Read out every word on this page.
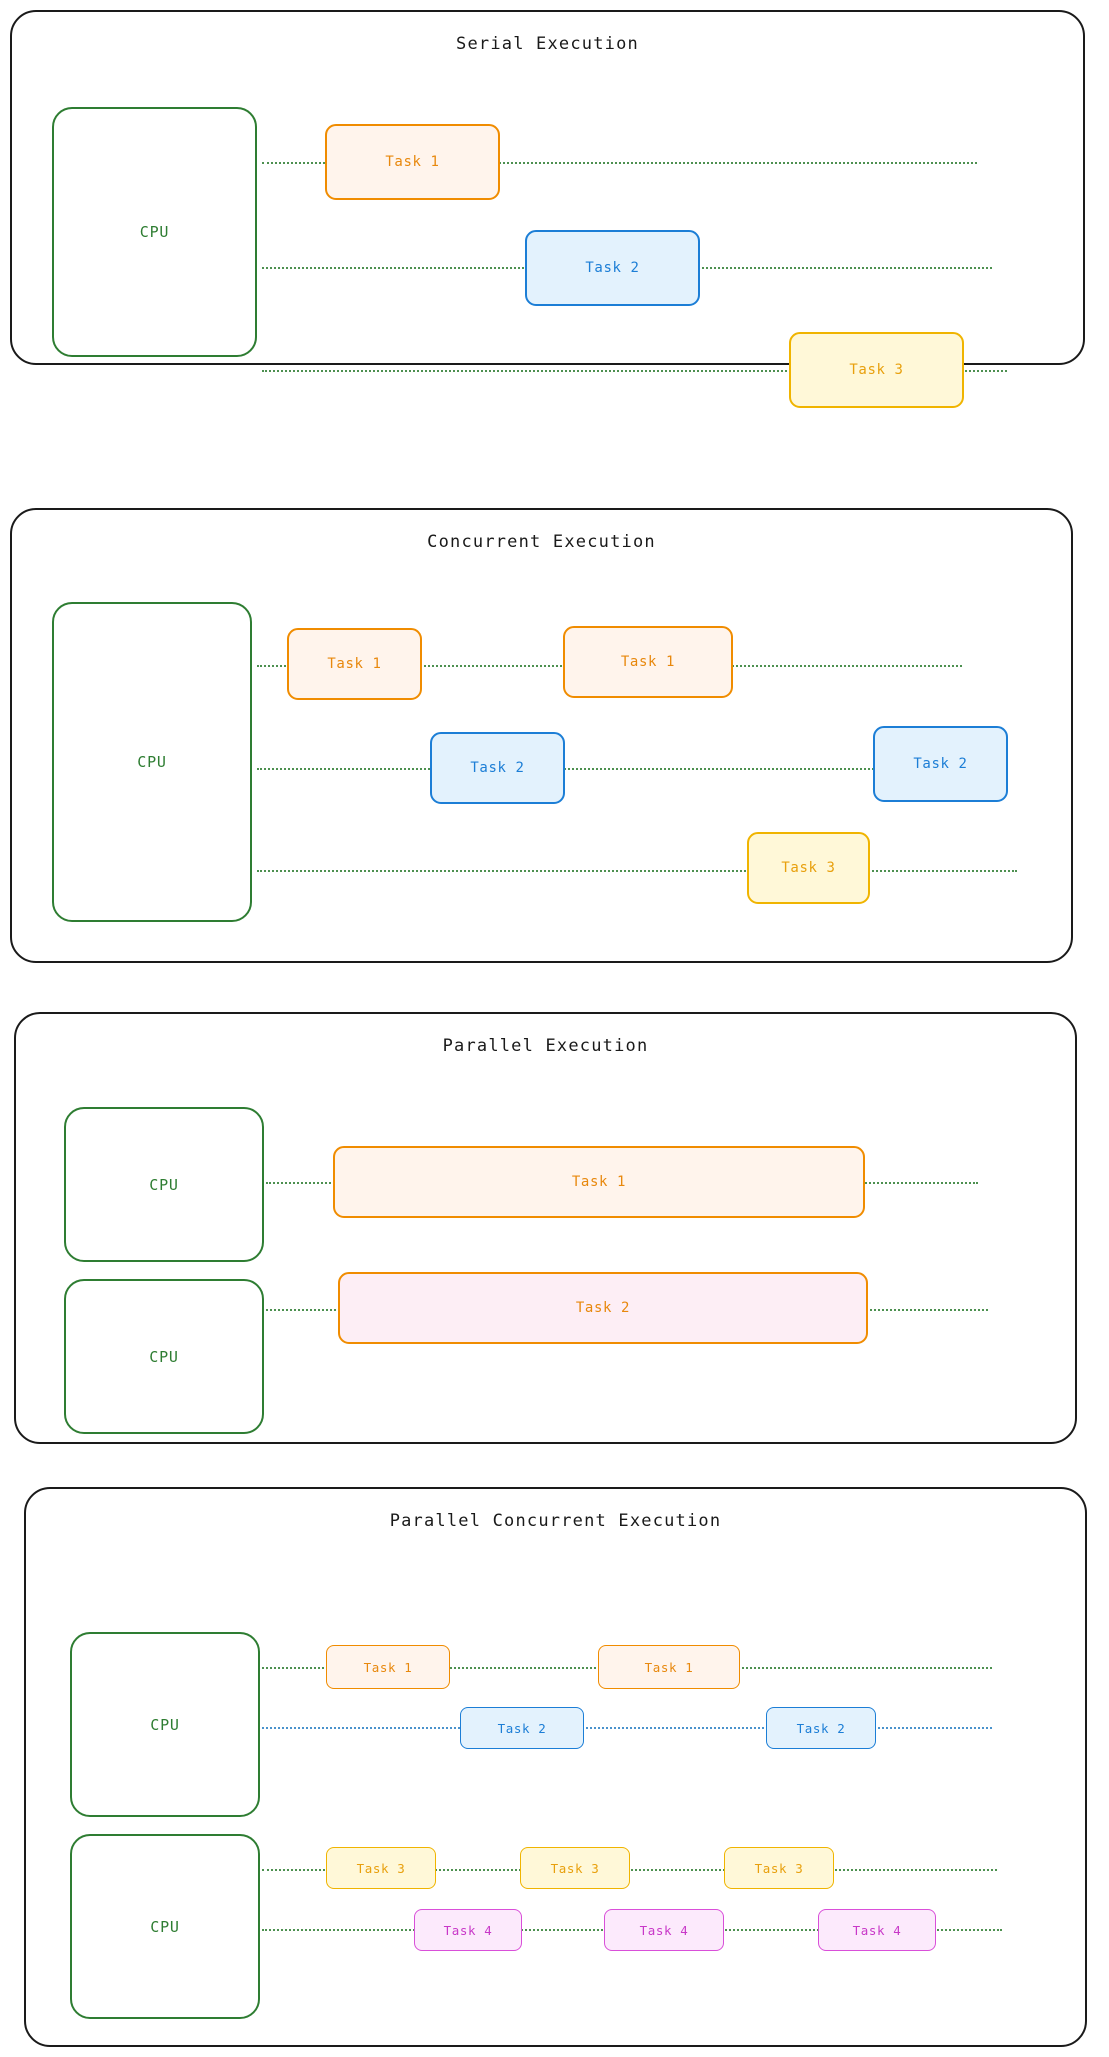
Serial Execution
CPU
Task 1
Task 2
Task 3
Concurrent Execution
CPU
Task 1	Task 1
Task 2	Task 2
Task 3
Parallel Execution
CPU
CPU
Task 1
Task 2
Parallel Concurrent Execution
CPU
CPU
Task 1	Task 1
Task 2	Task 2
Task 3	Task 3	Task 3
Task 4	Task 4	Task 4
